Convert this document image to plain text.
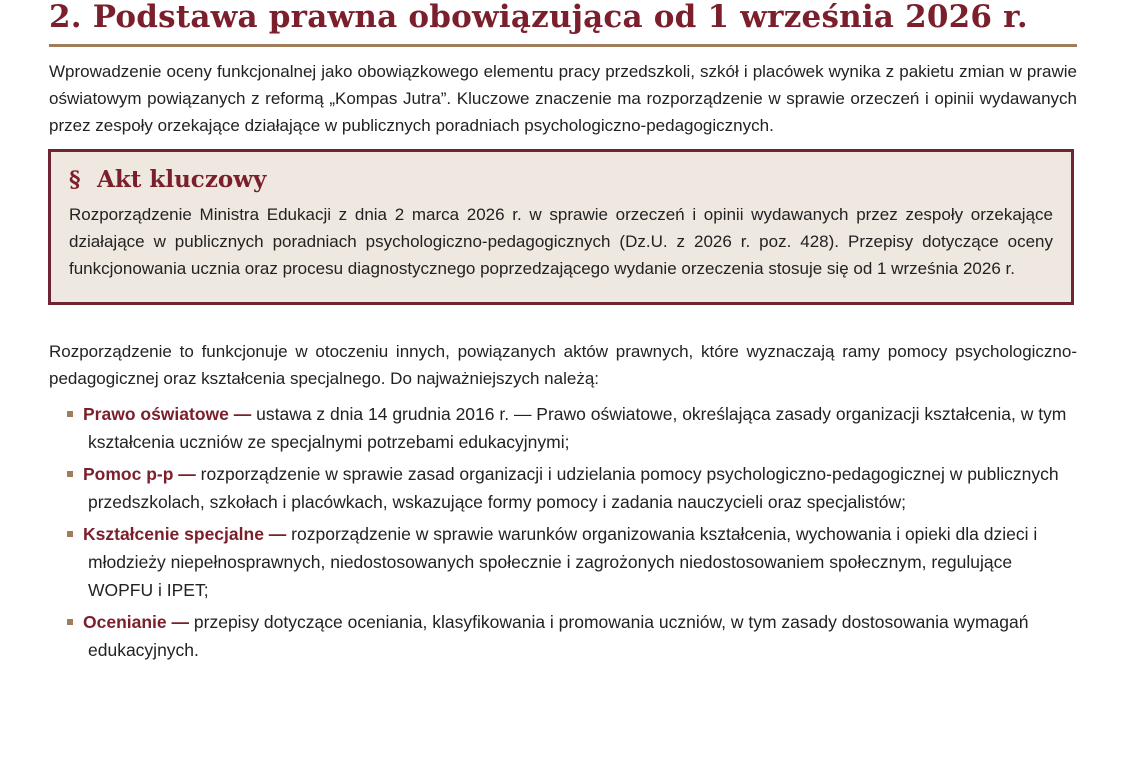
2. Podstawa prawna obowiązująca od 1 września 2026 r.

Wprowadzenie oceny funkcjonalnej jako obowiązkowego elementu pracy przedszkoli, szkół i placówek wynika z pakietu zmian w prawie oświatowym powiązanych z reformą „Kompas Jutra”. Kluczowe znaczenie ma rozporządzenie w sprawie orzeczeń i opinii wydawanych przez zespoły orzekające działające w publicznych poradniach psychologiczno-pedagogicznych.

§ Akt kluczowy

Rozporządzenie Ministra Edukacji z dnia 2 marca 2026 r. w sprawie orzeczeń i opinii wydawanych przez zespoły orzekające działające w publicznych poradniach psychologiczno-pedagogicznych (Dz.U. z 2026 r. poz. 428). Przepisy dotyczące oceny funkcjonowania ucznia oraz procesu diagnostycznego poprzedzającego wydanie orzeczenia stosuje się od 1 września 2026 r.

Rozporządzenie to funkcjonuje w otoczeniu innych, powiązanych aktów prawnych, które wyznaczają ramy pomocy psychologiczno-pedagogicznej oraz kształcenia specjalnego. Do najważniejszych należą:

Prawo oświatowe — ustawa z dnia 14 grudnia 2016 r. — Prawo oświatowe, określająca zasady organizacji kształcenia, w tym kształcenia uczniów ze specjalnymi potrzebami edukacyjnymi;
Pomoc p-p — rozporządzenie w sprawie zasad organizacji i udzielania pomocy psychologiczno-pedagogicznej w publicznych przedszkolach, szkołach i placówkach, wskazujące formy pomocy i zadania nauczycieli oraz specjalistów;
Kształcenie specjalne — rozporządzenie w sprawie warunków organizowania kształcenia, wychowania i opieki dla dzieci i młodzieży niepełnosprawnych, niedostosowanych społecznie i zagrożonych niedostosowaniem społecznym, regulujące WOPFU i IPET;
Ocenianie — przepisy dotyczące oceniania, klasyfikowania i promowania uczniów, w tym zasady dostosowania wymagań edukacyjnych.
